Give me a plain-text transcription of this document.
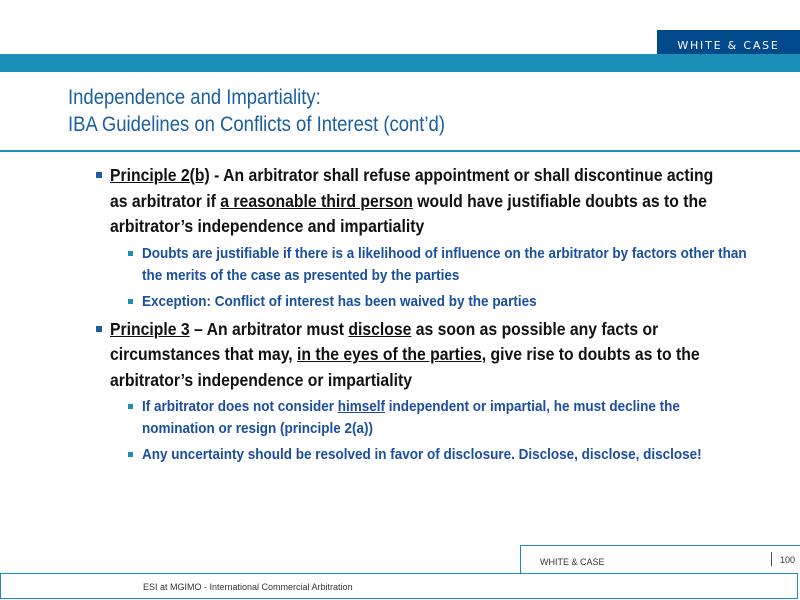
WHITE & CASE
Independence and Impartiality:
IBA Guidelines on Conflicts of Interest (cont’d)
Principle 2(b) - An arbitrator shall refuse appointment or shall discontinue acting as arbitrator if a reasonable third person would have justifiable doubts as to the arbitrator’s independence and impartiality
Doubts are justifiable if there is a likelihood of influence on the arbitrator by factors other than the merits of the case as presented by the parties
Exception: Conflict of interest has been waived by the parties
Principle 3 – An arbitrator must disclose as soon as possible any facts or circumstances that may, in the eyes of the parties, give rise to doubts as to the arbitrator’s independence or impartiality
If arbitrator does not consider himself independent or impartial, he must decline the nomination or resign (principle 2(a))
Any uncertainty should be resolved in favor of disclosure. Disclose, disclose, disclose!
WHITE & CASE	100
ESI at MGIMO - International Commercial Arbitration
